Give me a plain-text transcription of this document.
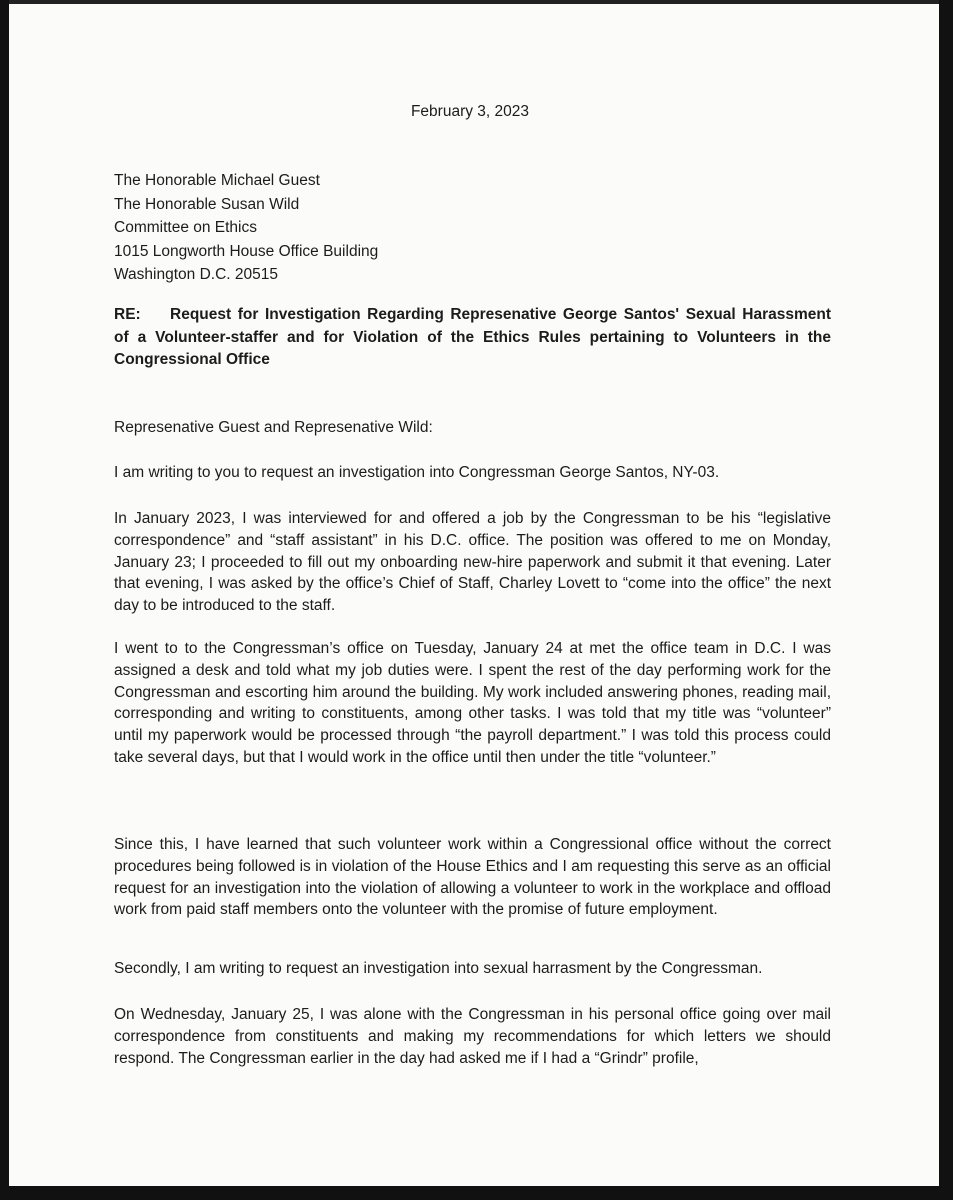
February 3, 2023
The Honorable Michael Guest
The Honorable Susan Wild
Committee on Ethics
1015 Longworth House Office Building
Washington D.C. 20515
RE: Request for Investigation Regarding Represenative George Santos' Sexual Harassment of a Volunteer-staffer and for Violation of the Ethics Rules pertaining to Volunteers in the Congressional Office
Represenative Guest and Represenative Wild:

I am writing to you to request an investigation into Congressman George Santos, NY-03.

In January 2023, I was interviewed for and offered a job by the Congressman to be his “legislative correspondence” and “staff assistant” in his D.C. office. The position was offered to me on Monday, January 23; I proceeded to fill out my onboarding new-hire paperwork and submit it that evening. Later that evening, I was asked by the office’s Chief of Staff, Charley Lovett to “come into the office” the next day to be introduced to the staff.

I went to to the Congressman’s office on Tuesday, January 24 at met the office team in D.C. I was assigned a desk and told what my job duties were. I spent the rest of the day performing work for the Congressman and escorting him around the building. My work included answering phones, reading mail, corresponding and writing to constituents, among other tasks. I was told that my title was “volunteer” until my paperwork would be processed through “the payroll department.” I was told this process could take several days, but that I would work in the office until then under the title “volunteer.”

Since this, I have learned that such volunteer work within a Congressional office without the correct procedures being followed is in violation of the House Ethics and I am requesting this serve as an official request for an investigation into the violation of allowing a volunteer to work in the workplace and offload work from paid staff members onto the volunteer with the promise of future employment.

Secondly, I am writing to request an investigation into sexual harrasment by the Congressman.

On Wednesday, January 25, I was alone with the Congressman in his personal office going over mail correspondence from constituents and making my recommendations for which letters we should respond. The Congressman earlier in the day had asked me if I had a “Grindr” profile,
